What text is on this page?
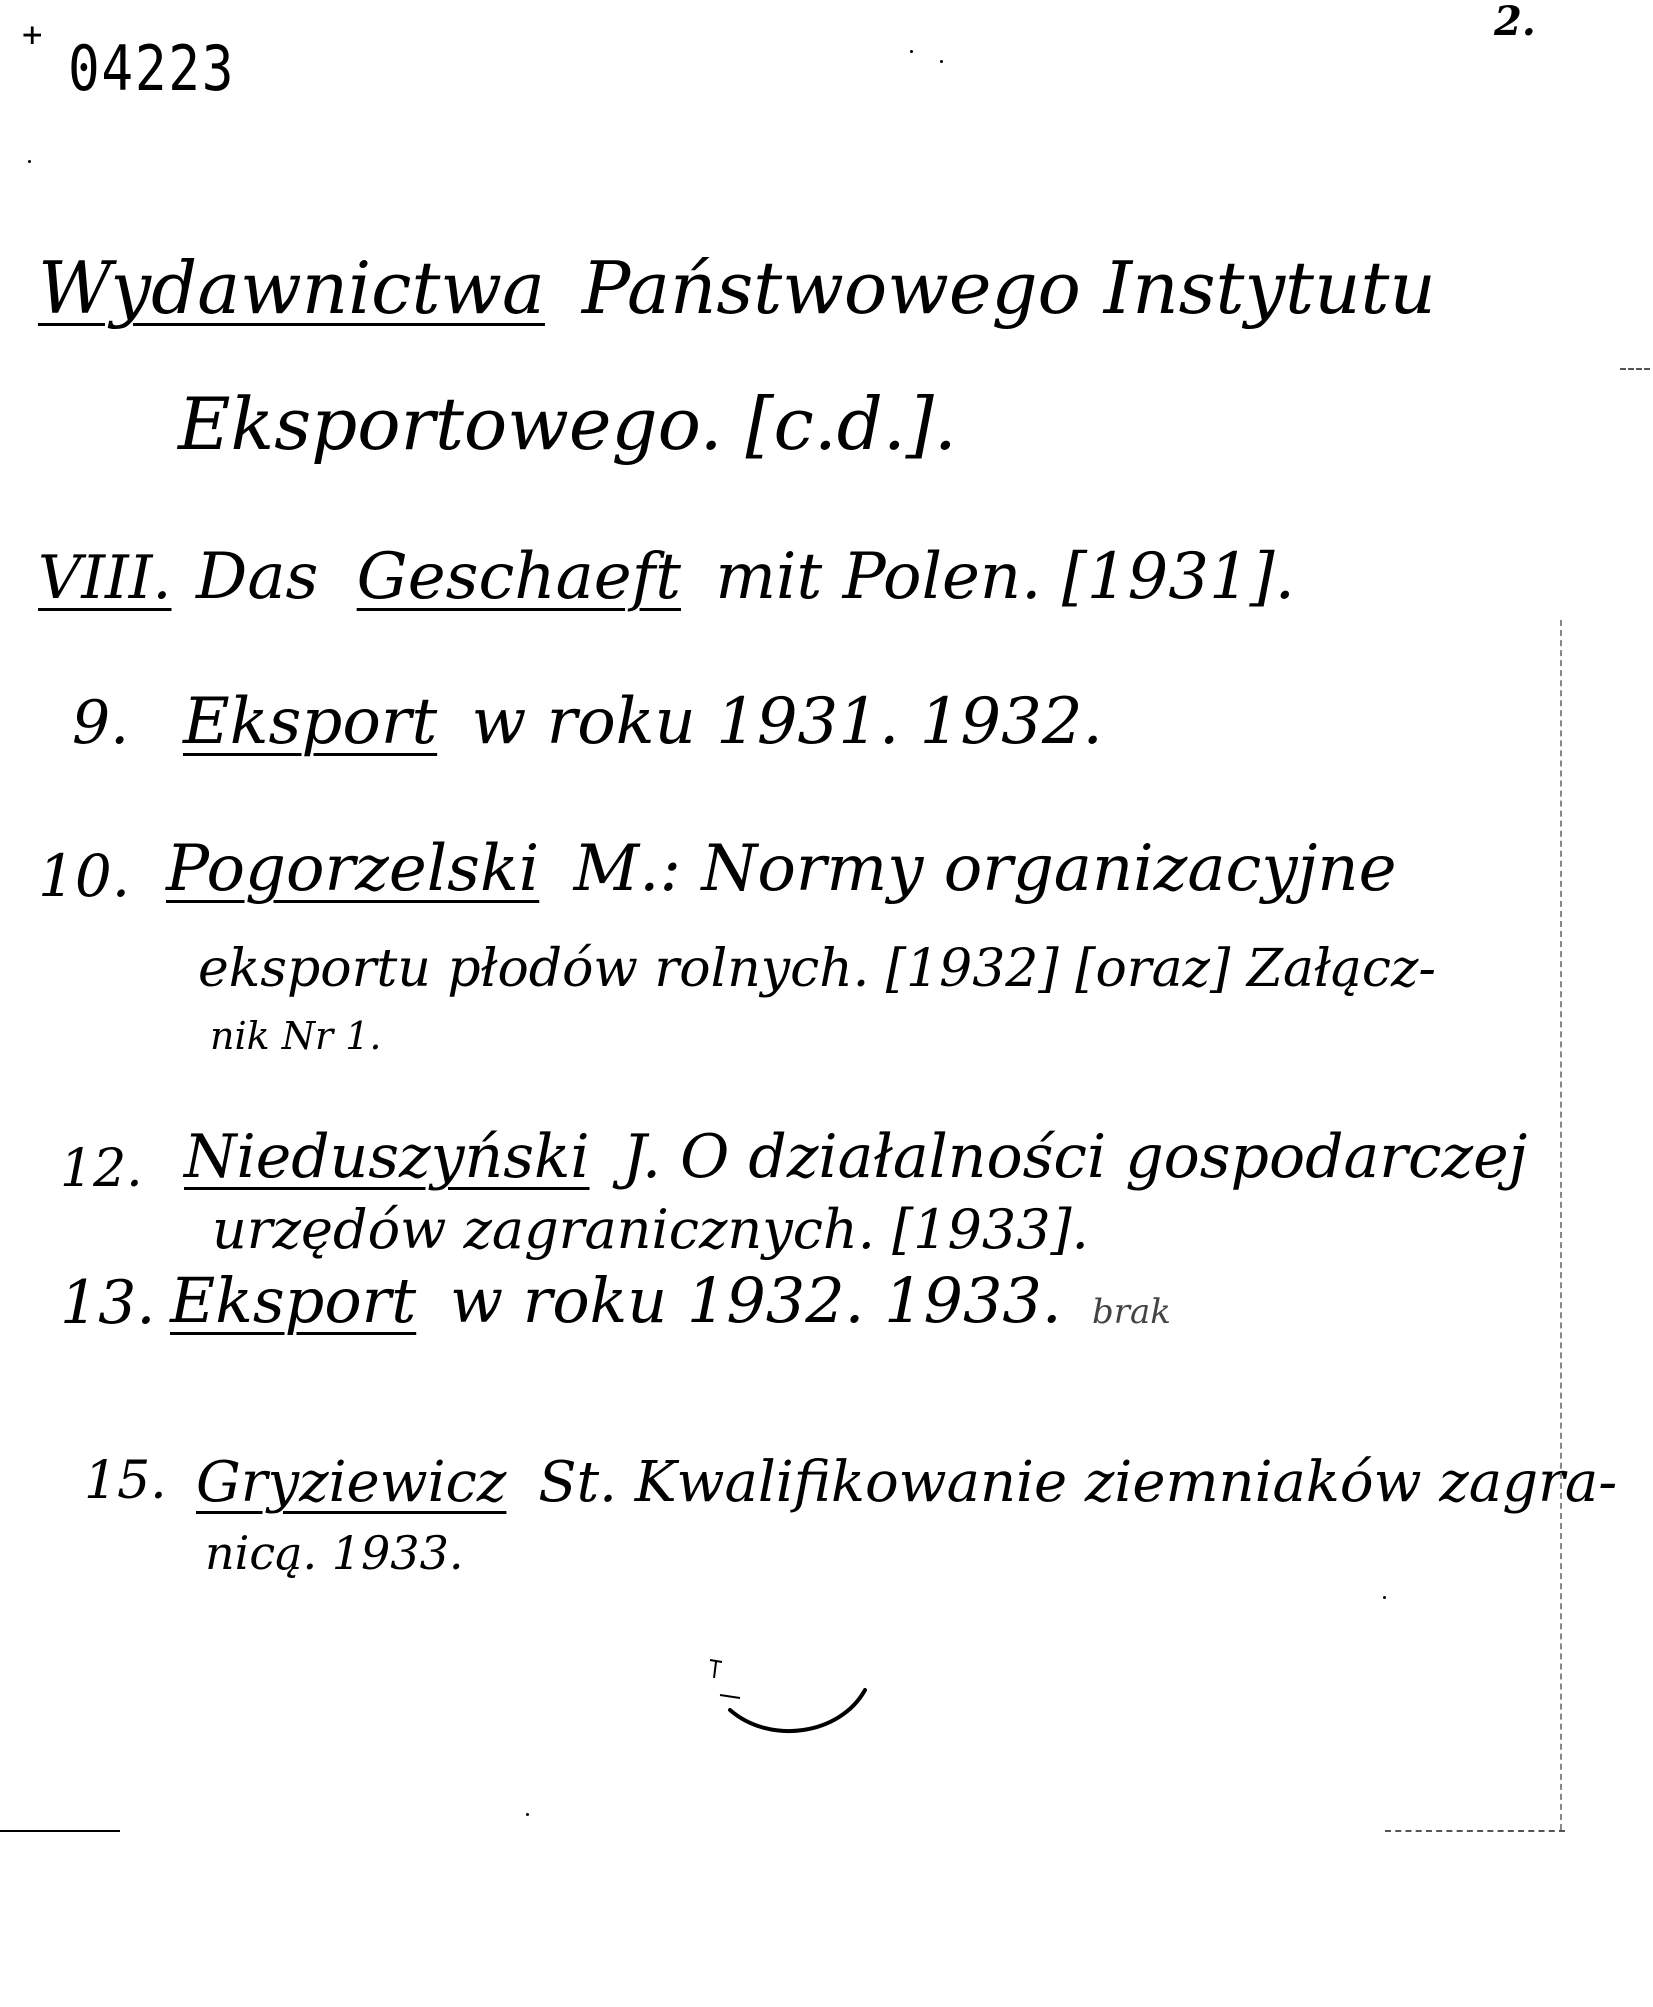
+ 04223
2.
Wydawnictwa Państwowego Instytutu
Eksportowego. [c.d.].
VIII. Das Geschaeft mit Polen. [1931].
9. Eksport w roku 1931. 1932.
10. Pogorzelski M.: Normy organizacyjne
eksportu płodów rolnych. [1932] [oraz] Załącz-
nik Nr 1.
12. Nieduszyński J. O działalności gospodarczej
urzędów zagranicznych. [1933].
13. Eksport w roku 1932. 1933. brak
15. Gryziewicz St. Kwalifikowanie ziemniaków zagra-
nicą. 1933.
